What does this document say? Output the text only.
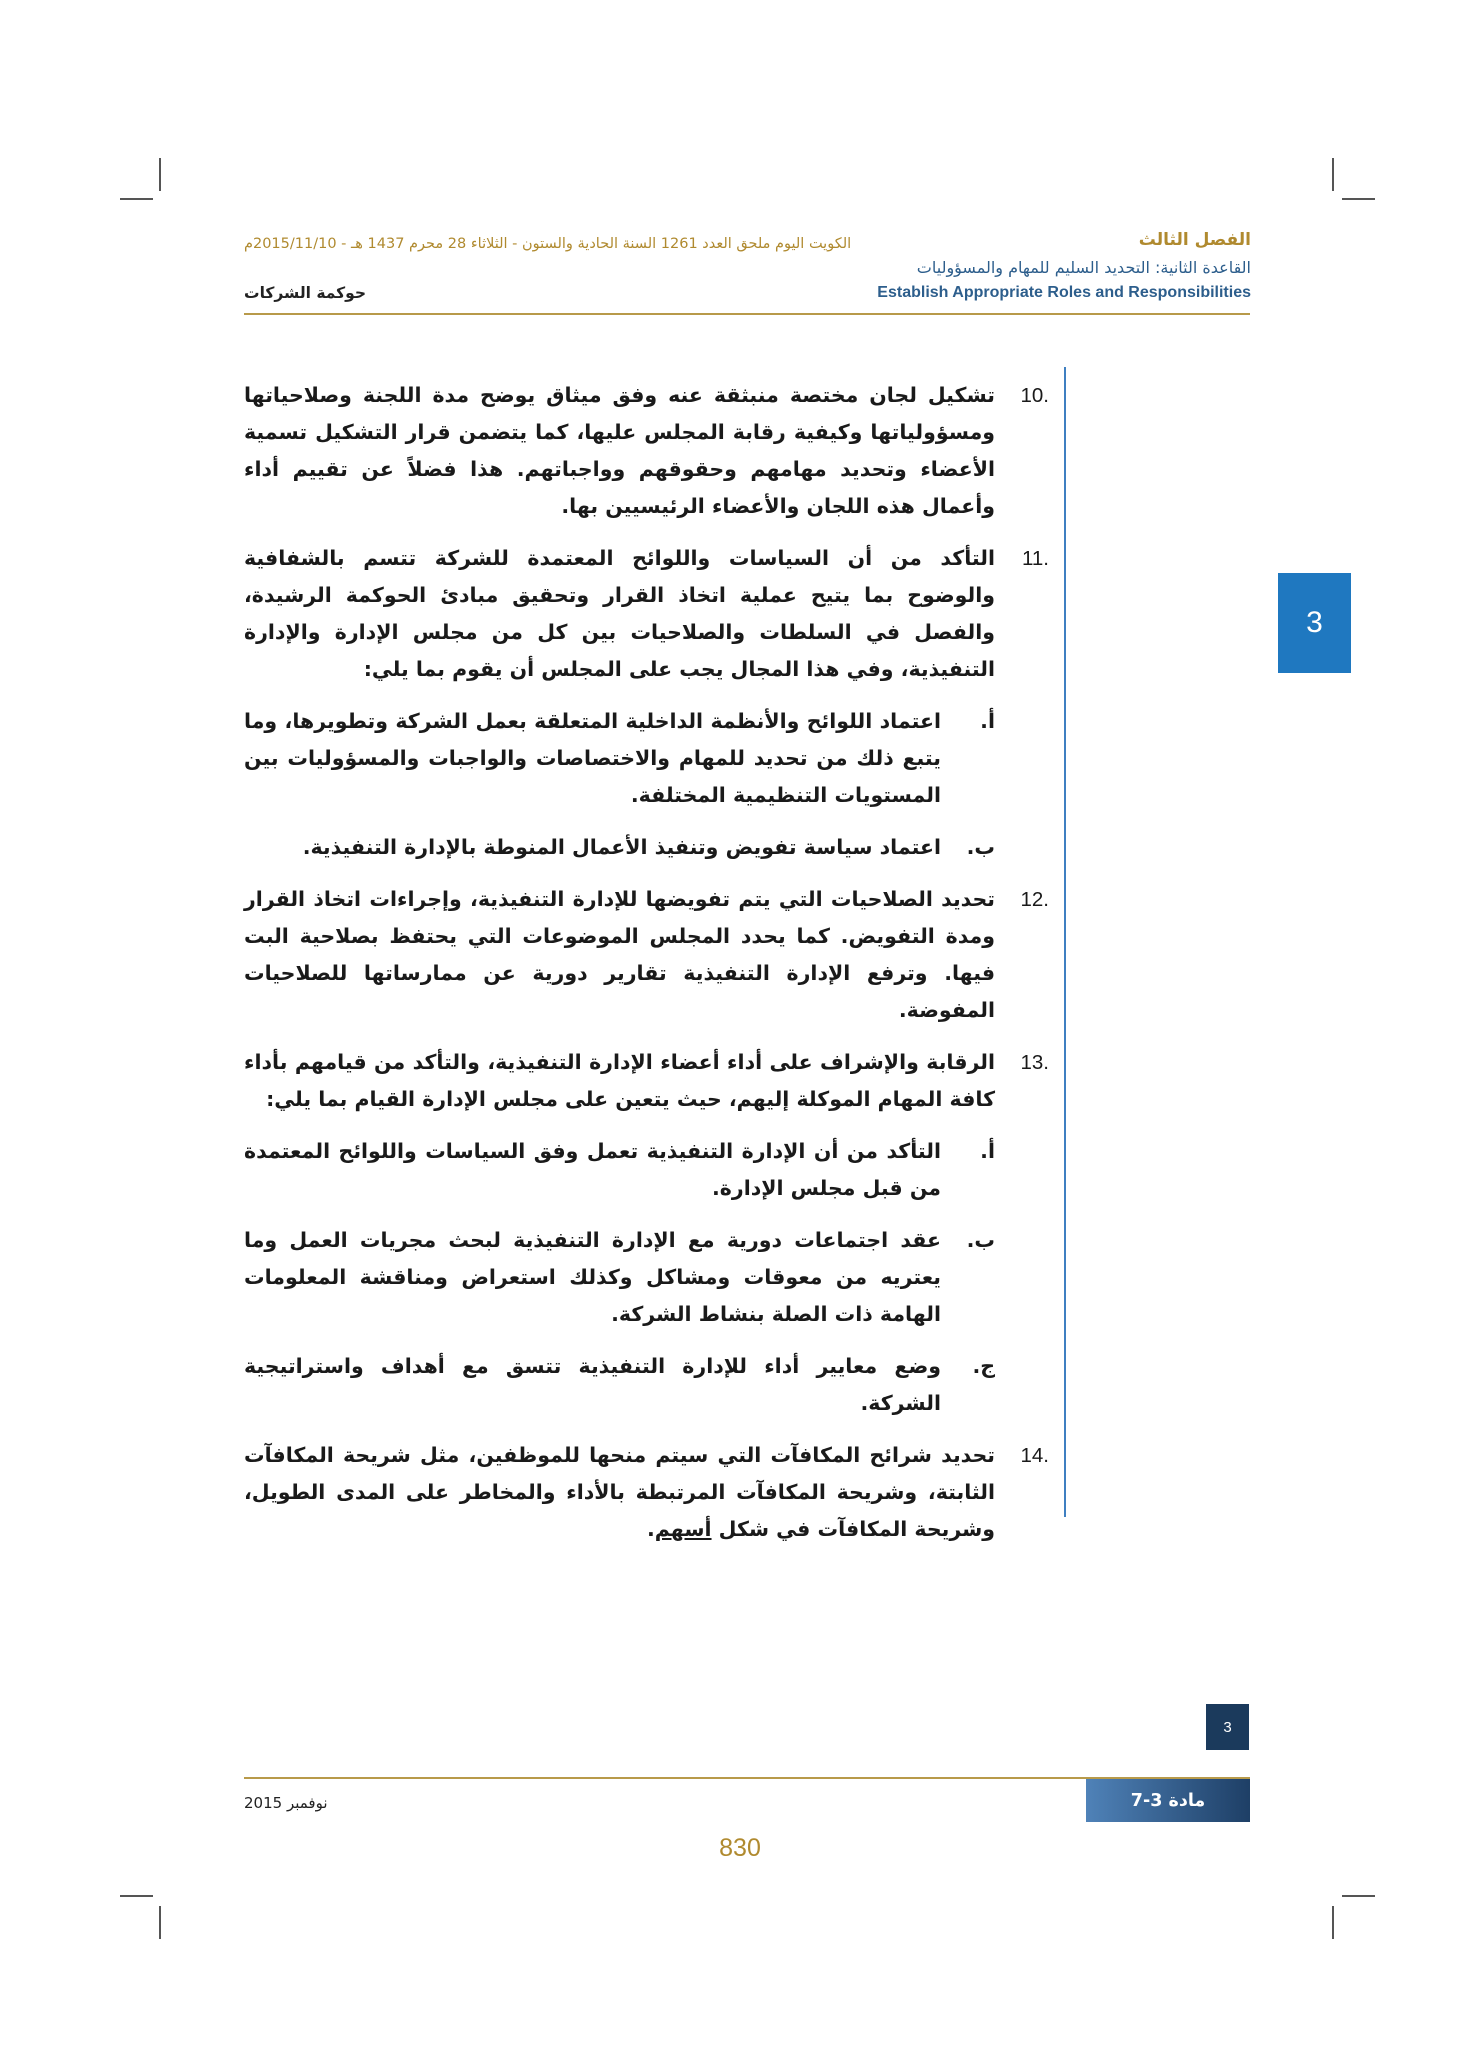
الكويت اليوم ملحق العدد 1261 السنة الحادية والستون - الثلاثاء 28 محرم 1437 هـ - 2015/11/10م	الفصل الثالث
القاعدة الثانية: التحديد السليم للمهام والمسؤوليات
Establish Appropriate Roles and Responsibilities
حوكمة الشركات
3
10.
تشكيل لجان مختصة منبثقة عنه وفق ميثاق يوضح مدة اللجنة وصلاحياتها ومسؤولياتها وكيفية رقابة المجلس عليها، كما يتضمن قرار التشكيل تسمية الأعضاء وتحديد مهامهم وحقوقهم وواجباتهم. هذا فضلاً عن تقييم أداء وأعمال هذه اللجان والأعضاء الرئيسيين بها.
11.
التأكد من أن السياسات واللوائح المعتمدة للشركة تتسم بالشفافية والوضوح بما يتيح عملية اتخاذ القرار وتحقيق مبادئ الحوكمة الرشيدة، والفصل في السلطات والصلاحيات بين كل من مجلس الإدارة والإدارة التنفيذية، وفي هذا المجال يجب على المجلس أن يقوم بما يلي:
أ.
اعتماد اللوائح والأنظمة الداخلية المتعلقة بعمل الشركة وتطويرها، وما يتبع ذلك من تحديد للمهام والاختصاصات والواجبات والمسؤوليات بين المستويات التنظيمية المختلفة.
ب.
اعتماد سياسة تفويض وتنفيذ الأعمال المنوطة بالإدارة التنفيذية.
12.
تحديد الصلاحيات التي يتم تفويضها للإدارة التنفيذية، وإجراءات اتخاذ القرار ومدة التفويض. كما يحدد المجلس الموضوعات التي يحتفظ بصلاحية البت فيها. وترفع الإدارة التنفيذية تقارير دورية عن ممارساتها للصلاحيات المفوضة.
13.
الرقابة والإشراف على أداء أعضاء الإدارة التنفيذية، والتأكد من قيامهم بأداء كافة المهام الموكلة إليهم، حيث يتعين على مجلس الإدارة القيام بما يلي:
أ.
التأكد من أن الإدارة التنفيذية تعمل وفق السياسات واللوائح المعتمدة من قبل مجلس الإدارة.
ب.
عقد اجتماعات دورية مع الإدارة التنفيذية لبحث مجريات العمل وما يعتريه من معوقات ومشاكل وكذلك استعراض ومناقشة المعلومات الهامة ذات الصلة بنشاط الشركة.
ج.
وضع معايير أداء للإدارة التنفيذية تتسق مع أهداف واستراتيجية الشركة.
14.
تحديد شرائح المكافآت التي سيتم منحها للموظفين، مثل شريحة المكافآت الثابتة، وشريحة المكافآت المرتبطة بالأداء والمخاطر على المدى الطويل، وشريحة المكافآت في شكل أسهم.
3
نوفمبر 2015	مادة 3-7
830
